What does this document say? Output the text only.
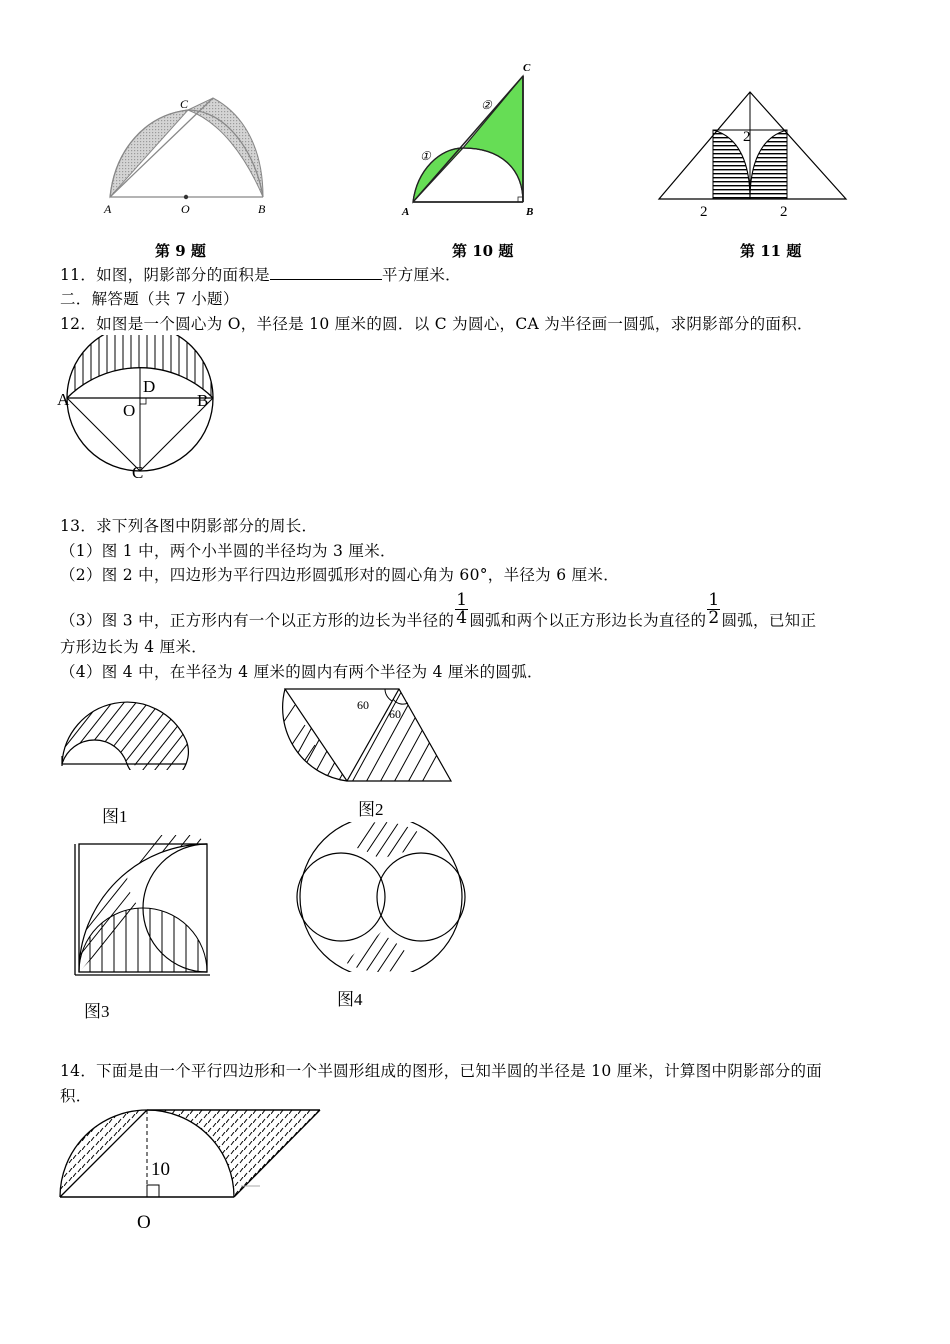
A	O	B
C
A	B
C
①
②
2
2	2
第 9 题	第 10 题	第 11 题
11．如图，阴影部分的面积是	平方厘米．
二．解答题（共 7 小题）
12．如图是一个圆心为 O，半径是 10 厘米的圆．以 C 为圆心，CA 为半径画一圆弧，求阴影部分的面积．
A	B
C
D
O
13．求下列各图中阴影部分的周长．
（1）图 1 中，两个小半圆的半径均为 3 厘米．
（2）图 2 中，四边形为平行四边形圆弧形对的圆心角为 60°，半径为 6 厘米．
（3）图 3 中，正方形内有一个以正方形的边长为半径的 $\frac{1}{4}$ 圆弧和两个以正方形边长为直径的 $\frac{1}{2}$ 圆弧，已知正
方形边长为 4 厘米．
（4）图 4 中，在半径为 4 厘米的圆内有两个半径为 4 厘米的圆弧．
图1
60
60
图2
图3
图4
14．下面是由一个平行四边形和一个半圆形组成的图形，已知半圆的半径是 10 厘米，计算图中阴影部分的面
积．
10
O
